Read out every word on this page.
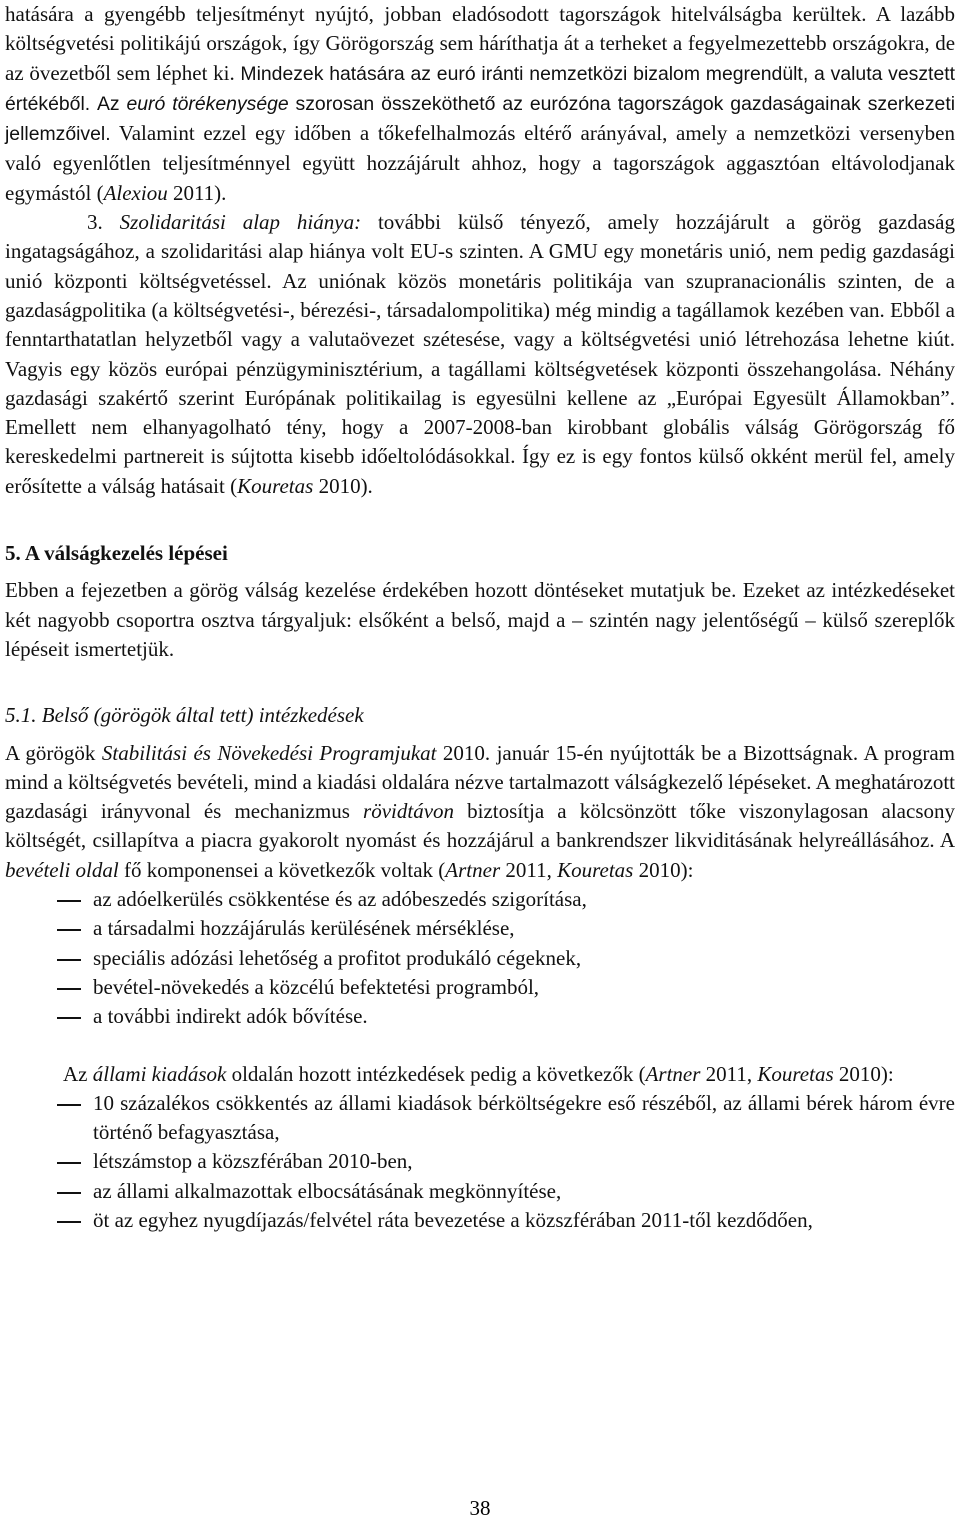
hatására a gyengébb teljesítményt nyújtó, jobban eladósodott tagországok hitelválságba kerültek. A lazább költségvetési politikájú országok, így Görögország sem háríthatja át a terheket a fegyelmezettebb országokra, de az övezetből sem léphet ki. Mindezek hatására az euró iránti nemzetközi bizalom megrendült, a valuta vesztett értékéből. Az euró törékenysége szorosan összeköthető az eurózóna tagországok gazdaságainak szerkezeti jellemzőivel. Valamint ezzel egy időben a tőkefelhalmozás eltérő arányával, amely a nemzetközi versenyben való egyenlőtlen teljesítménnyel együtt hozzájárult ahhoz, hogy a tagországok aggasztóan eltávolodjanak egymástól (Alexiou 2011).

3. Szolidaritási alap hiánya: további külső tényező, amely hozzájárult a görög gazdaság ingatagságához, a szolidaritási alap hiánya volt EU-s szinten. A GMU egy monetáris unió, nem pedig gazdasági unió központi költségvetéssel. Az uniónak közös monetáris politikája van szupranacionális szinten, de a gazdaságpolitika (a költségvetési-, bérezési-, társadalompolitika) még mindig a tagállamok kezében van. Ebből a fenntarthatatlan helyzetből vagy a valutaövezet szétesése, vagy a költségvetési unió létrehozása lehetne kiút. Vagyis egy közös európai pénzügyminisztérium, a tagállami költségvetések központi összehangolása. Néhány gazdasági szakértő szerint Európának politikailag is egyesülni kellene az „Európai Egyesült Államokban”. Emellett nem elhanyagolható tény, hogy a 2007-2008-ban kirobbant globális válság Görögország fő kereskedelmi partnereit is sújtotta kisebb időeltolódásokkal. Így ez is egy fontos külső okként merül fel, amely erősítette a válság hatásait (Kouretas 2010).

5. A válságkezelés lépései

Ebben a fejezetben a görög válság kezelése érdekében hozott döntéseket mutatjuk be. Ezeket az intézkedéseket két nagyobb csoportra osztva tárgyaljuk: elsőként a belső, majd a – szintén nagy jelentőségű – külső szereplők lépéseit ismertetjük.

5.1. Belső (görögök által tett) intézkedések

A görögök Stabilitási és Növekedési Programjukat 2010. január 15-én nyújtották be a Bizottságnak. A program mind a költségvetés bevételi, mind a kiadási oldalára nézve tartalmazott válságkezelő lépéseket. A meghatározott gazdasági irányvonal és mechanizmus rövidtávon biztosítja a kölcsönzött tőke viszonylagosan alacsony költségét, csillapítva a piacra gyakorolt nyomást és hozzájárul a bankrendszer likviditásának helyreállásához. A bevételi oldal fő komponensei a következők voltak (Artner 2011, Kouretas 2010):

az adóelkerülés csökkentése és az adóbeszedés szigorítása,
a társadalmi hozzájárulás kerülésének mérséklése,
speciális adózási lehetőség a profitot produkáló cégeknek,
bevétel-növekedés a közcélú befektetési programból,
a további indirekt adók bővítése.

Az állami kiadások oldalán hozott intézkedések pedig a következők (Artner 2011, Kouretas 2010):

10 százalékos csökkentés az állami kiadások bérköltségekre eső részéből, az állami bérek három évre történő befagyasztása,
létszámstop a közszférában 2010-ben,
az állami alkalmazottak elbocsátásának megkönnyítése,
öt az egyhez nyugdíjazás/felvétel ráta bevezetése a közszférában 2011-től kezdődően,
38
